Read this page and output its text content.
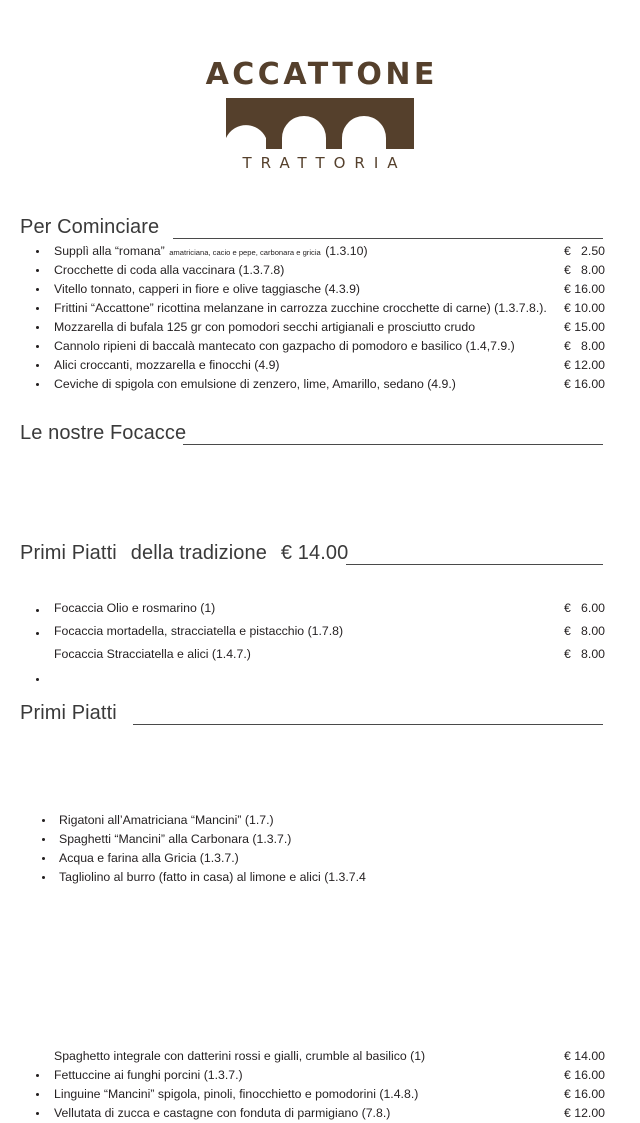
ACCATTONE
TRATTORIA
Per Cominciare
Supplì alla “romana” amatriciana, cacio e pepe, carbonara e gricia (1.3.10)	€   2.50
Crocchette di coda alla vaccinara (1.3.7.8)	€   8.00
Vitello tonnato, capperi in fiore e olive taggiasche (4.3.9)	€ 16.00
Frittini “Accattone” ricottina melanzane in carrozza zucchine crocchette di carne) (1.3.7.8.). € 10.00
Mozzarella di bufala 125 gr con pomodori secchi artigianali e prosciutto crudo	€ 15.00
Cannolo ripieni di baccalà mantecato con gazpacho di pomodoro e basilico (1.4,7.9.)	€   8.00
Alici croccanti, mozzarella e finocchi (4.9)	€ 12.00
Ceviche di spigola con emulsione di zenzero, lime, Amarillo, sedano (4.9.)	€ 16.00
Le nostre Focacce
Focaccia Olio e rosmarino (1)	€   6.00
Focaccia mortadella, stracciatella e pistacchio (1.7.8)	€   8.00
Focaccia Stracciatella e alici (1.4.7.)	€   8.00
Primi Piatti della tradizione € 14.00
Rigatoni all’Amatriciana “Mancini” (1.7.)
Spaghetti “Mancini” alla Carbonara (1.3.7.)
Acqua e farina alla Gricia (1.3.7.)
Tagliolino al burro (fatto in casa) al limone e alici (1.3.7.4
Primi Piatti
Spaghetto integrale con datterini rossi e gialli, crumble al basilico (1)	€ 14.00
Fettuccine ai funghi porcini (1.3.7.)	€ 16.00
Linguine “Mancini” spigola, pinoli, finocchietto e pomodorini (1.4.8.)	€ 16.00
Vellutata di zucca e castagne con fonduta di parmigiano (7.8.)	€ 12.00
